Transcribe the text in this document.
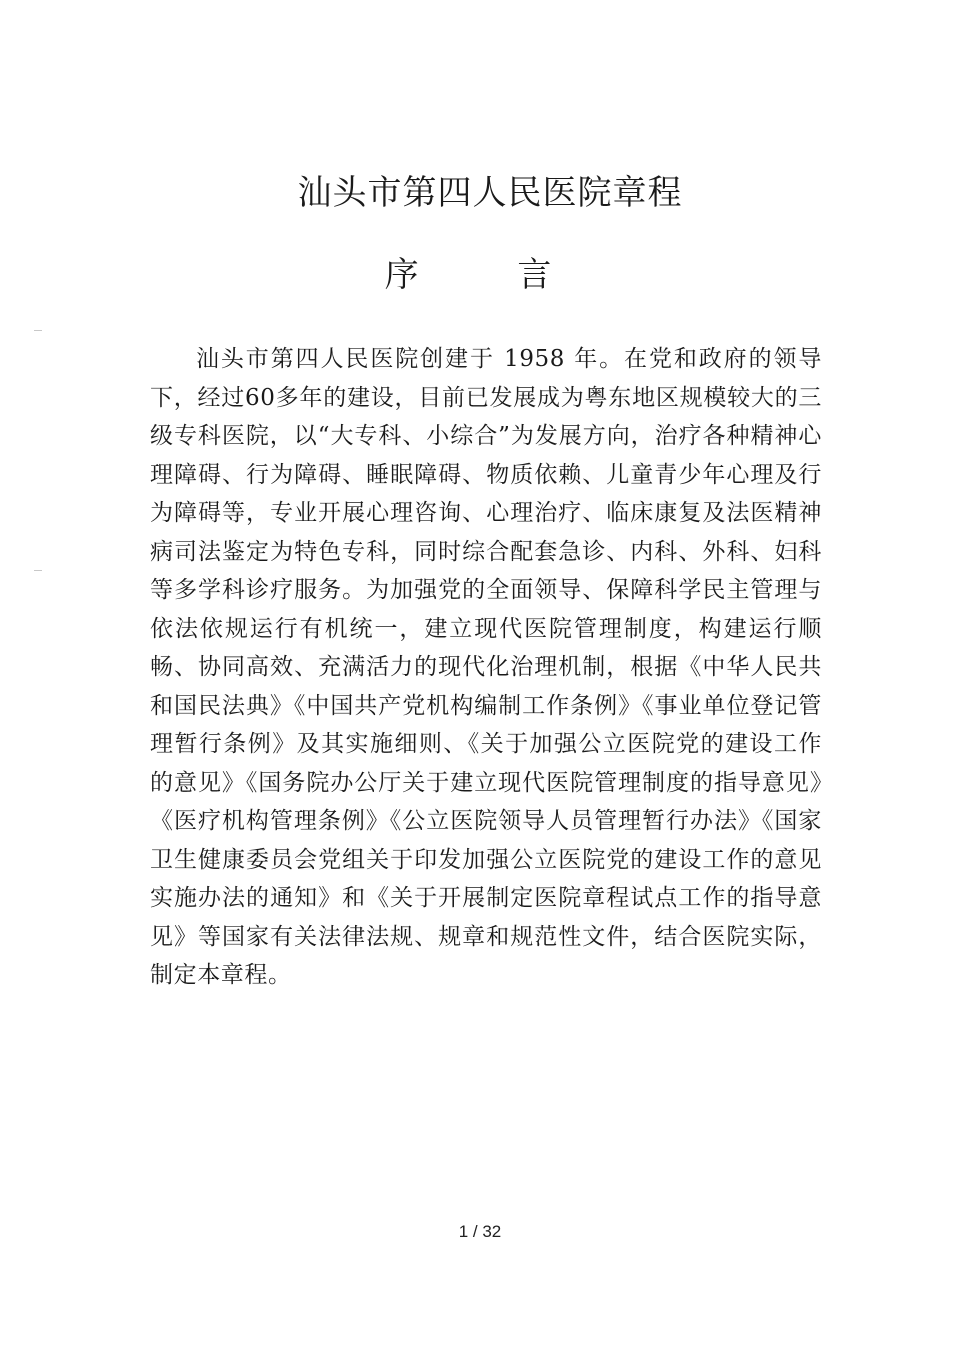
汕头市第四人民医院章程
序 言

汕头市第四人民医院创建于 1958 年。在党和政府的领导下，经过60多年的建设，目前已发展成为粤东地区规模较大的三级专科医院，以“大专科、小综合”为发展方向，治疗各种精神心理障碍、行为障碍、睡眠障碍、物质依赖、儿童青少年心理及行为障碍等，专业开展心理咨询、心理治疗、临床康复及法医精神病司法鉴定为特色专科，同时综合配套急诊、内科、外科、妇科等多学科诊疗服务。为加强党的全面领导、保障科学民主管理与依法依规运行有机统一，建立现代医院管理制度，构建运行顺畅、协同高效、充满活力的现代化治理机制，根据《中华人民共和国民法典》《中国共产党机构编制工作条例》《事业单位登记管理暂行条例》及其实施细则、《关于加强公立医院党的建设工作的意见》《国务院办公厅关于建立现代医院管理制度的指导意见》《医疗机构管理条例》《公立医院领导人员管理暂行办法》《国家卫生健康委员会党组关于印发加强公立医院党的建设工作的意见实施办法的通知》和《关于开展制定医院章程试点工作的指导意见》等国家有关法律法规、规章和规范性文件，结合医院实际，制定本章程。

1 / 32
